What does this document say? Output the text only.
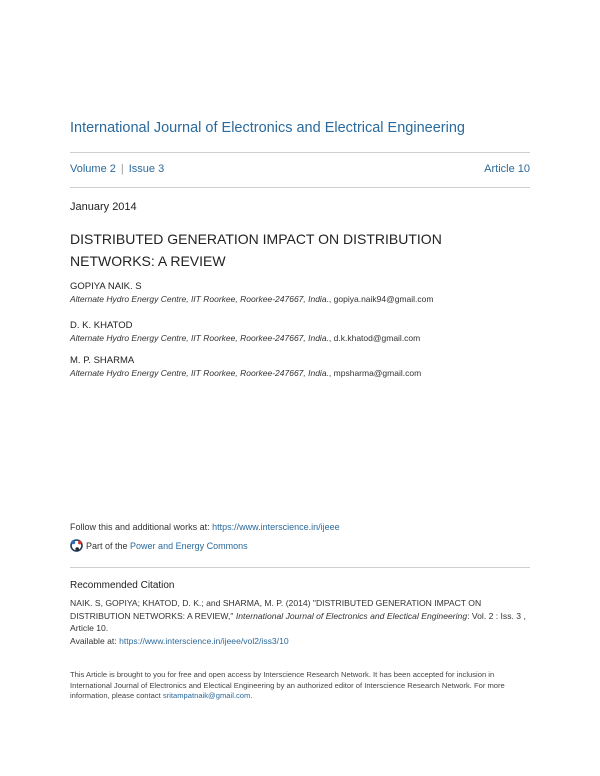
International Journal of Electronics and Electrical Engineering
Volume 2 | Issue 3	Article 10
January 2014
DISTRIBUTED GENERATION IMPACT ON DISTRIBUTION NETWORKS: A REVIEW
GOPIYA NAIK. S
Alternate Hydro Energy Centre, IIT Roorkee, Roorkee-247667, India., gopiya.naik94@gmail.com
D. K. KHATOD
Alternate Hydro Energy Centre, IIT Roorkee, Roorkee-247667, India., d.k.khatod@gmail.com
M. P. SHARMA
Alternate Hydro Energy Centre, IIT Roorkee, Roorkee-247667, India., mpsharma@gmail.com
Follow this and additional works at: https://www.interscience.in/ijeee
Part of the Power and Energy Commons
Recommended Citation
NAIK. S, GOPIYA; KHATOD, D. K.; and SHARMA, M. P. (2014) "DISTRIBUTED GENERATION IMPACT ON DISTRIBUTION NETWORKS: A REVIEW," International Journal of Electronics and Electical Engineering: Vol. 2 : Iss. 3 , Article 10.
Available at: https://www.interscience.in/ijeee/vol2/iss3/10
This Article is brought to you for free and open access by Interscience Research Network. It has been accepted for inclusion in International Journal of Electronics and Electical Engineering by an authorized editor of Interscience Research Network. For more information, please contact sritampatnaik@gmail.com.
